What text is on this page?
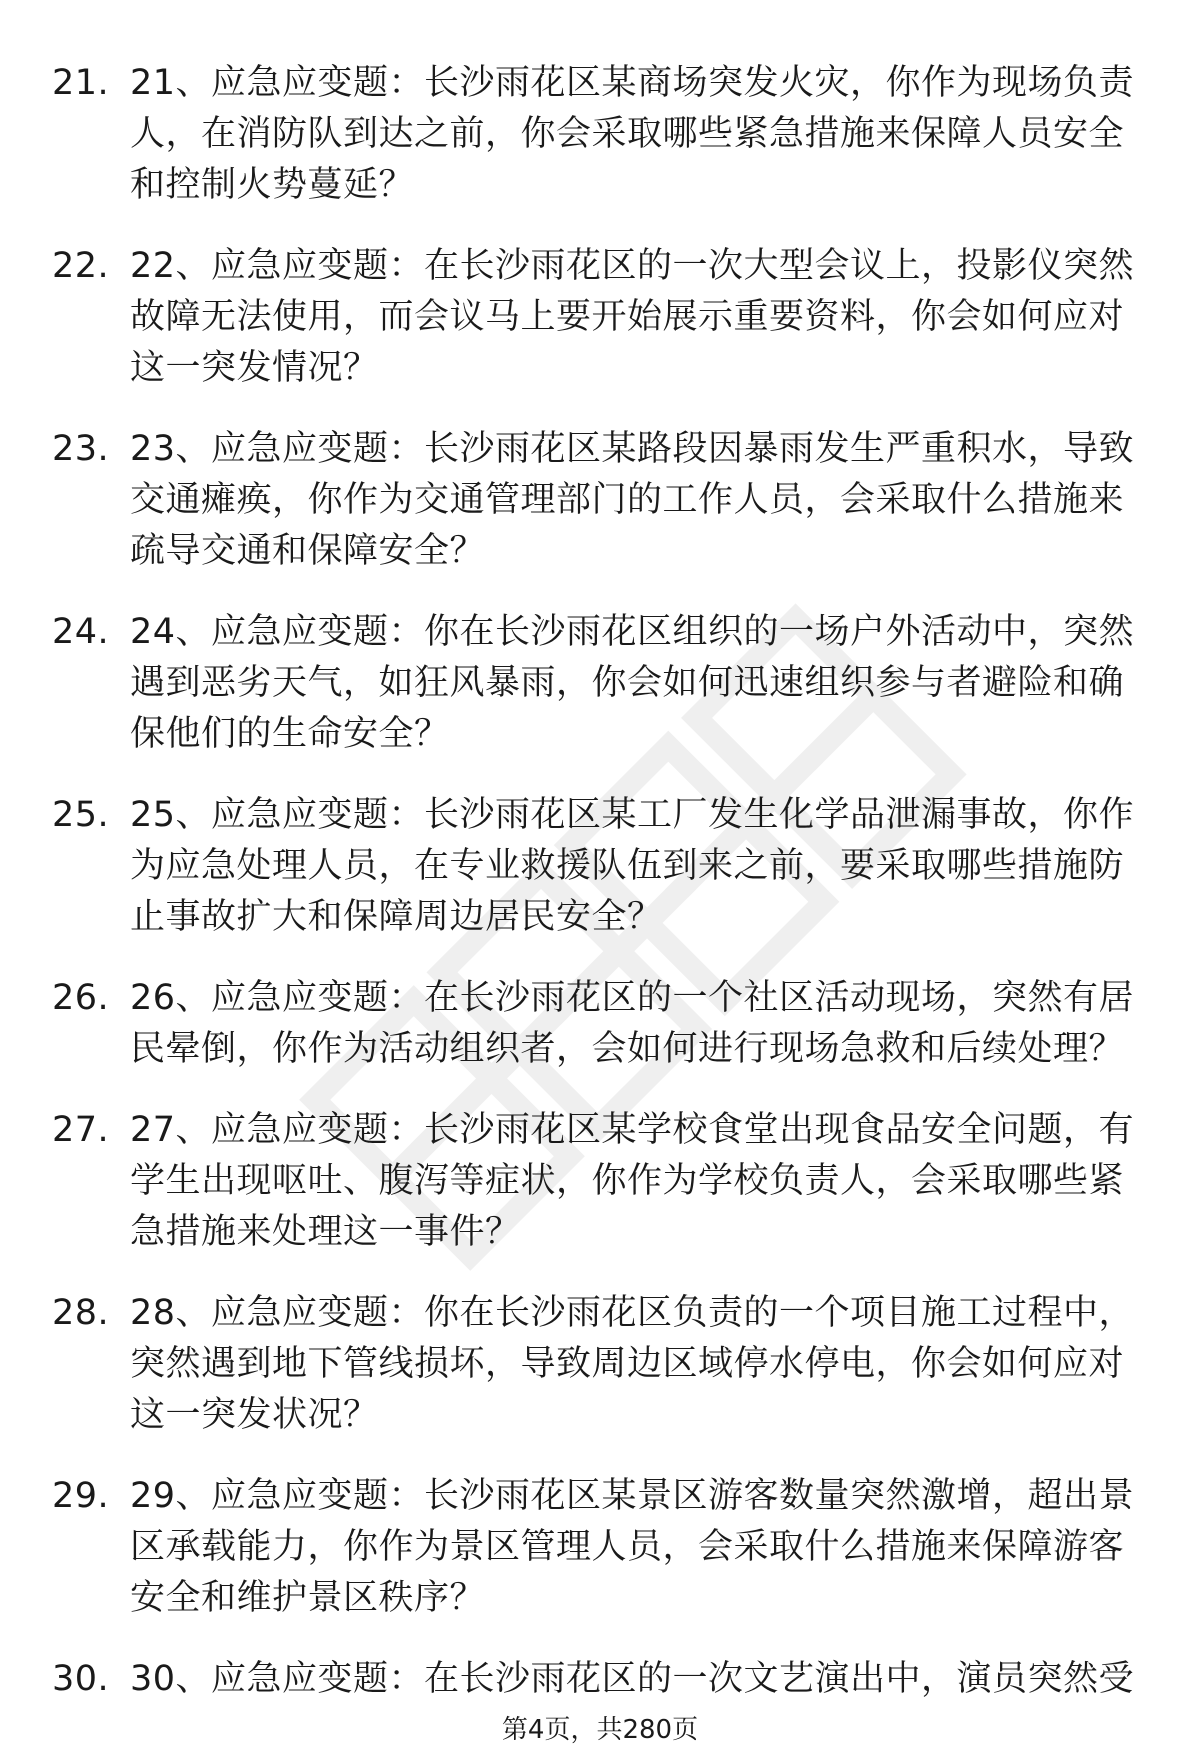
21. 21、应急应变题：长沙雨花区某商场突发火灾，你作为现场负责人，在消防队到达之前，你会采取哪些紧急措施来保障人员安全和控制火势蔓延？
22. 22、应急应变题：在长沙雨花区的一次大型会议上，投影仪突然故障无法使用，而会议马上要开始展示重要资料，你会如何应对这一突发情况？
23. 23、应急应变题：长沙雨花区某路段因暴雨发生严重积水，导致交通瘫痪，你作为交通管理部门的工作人员，会采取什么措施来疏导交通和保障安全？
24. 24、应急应变题：你在长沙雨花区组织的一场户外活动中，突然遇到恶劣天气，如狂风暴雨，你会如何迅速组织参与者避险和确保他们的生命安全？
25. 25、应急应变题：长沙雨花区某工厂发生化学品泄漏事故，你作为应急处理人员，在专业救援队伍到来之前，要采取哪些措施防止事故扩大和保障周边居民安全？
26. 26、应急应变题：在长沙雨花区的一个社区活动现场，突然有居民晕倒，你作为活动组织者，会如何进行现场急救和后续处理？
27. 27、应急应变题：长沙雨花区某学校食堂出现食品安全问题，有学生出现呕吐、腹泻等症状，你作为学校负责人，会采取哪些紧急措施来处理这一事件？
28. 28、应急应变题：你在长沙雨花区负责的一个项目施工过程中，突然遇到地下管线损坏，导致周边区域停水停电，你会如何应对这一突发状况？
29. 29、应急应变题：长沙雨花区某景区游客数量突然激增，超出景区承载能力，你作为景区管理人员，会采取什么措施来保障游客安全和维护景区秩序？
30. 30、应急应变题：在长沙雨花区的一次文艺演出中，演员突然受
第4页，共280页
